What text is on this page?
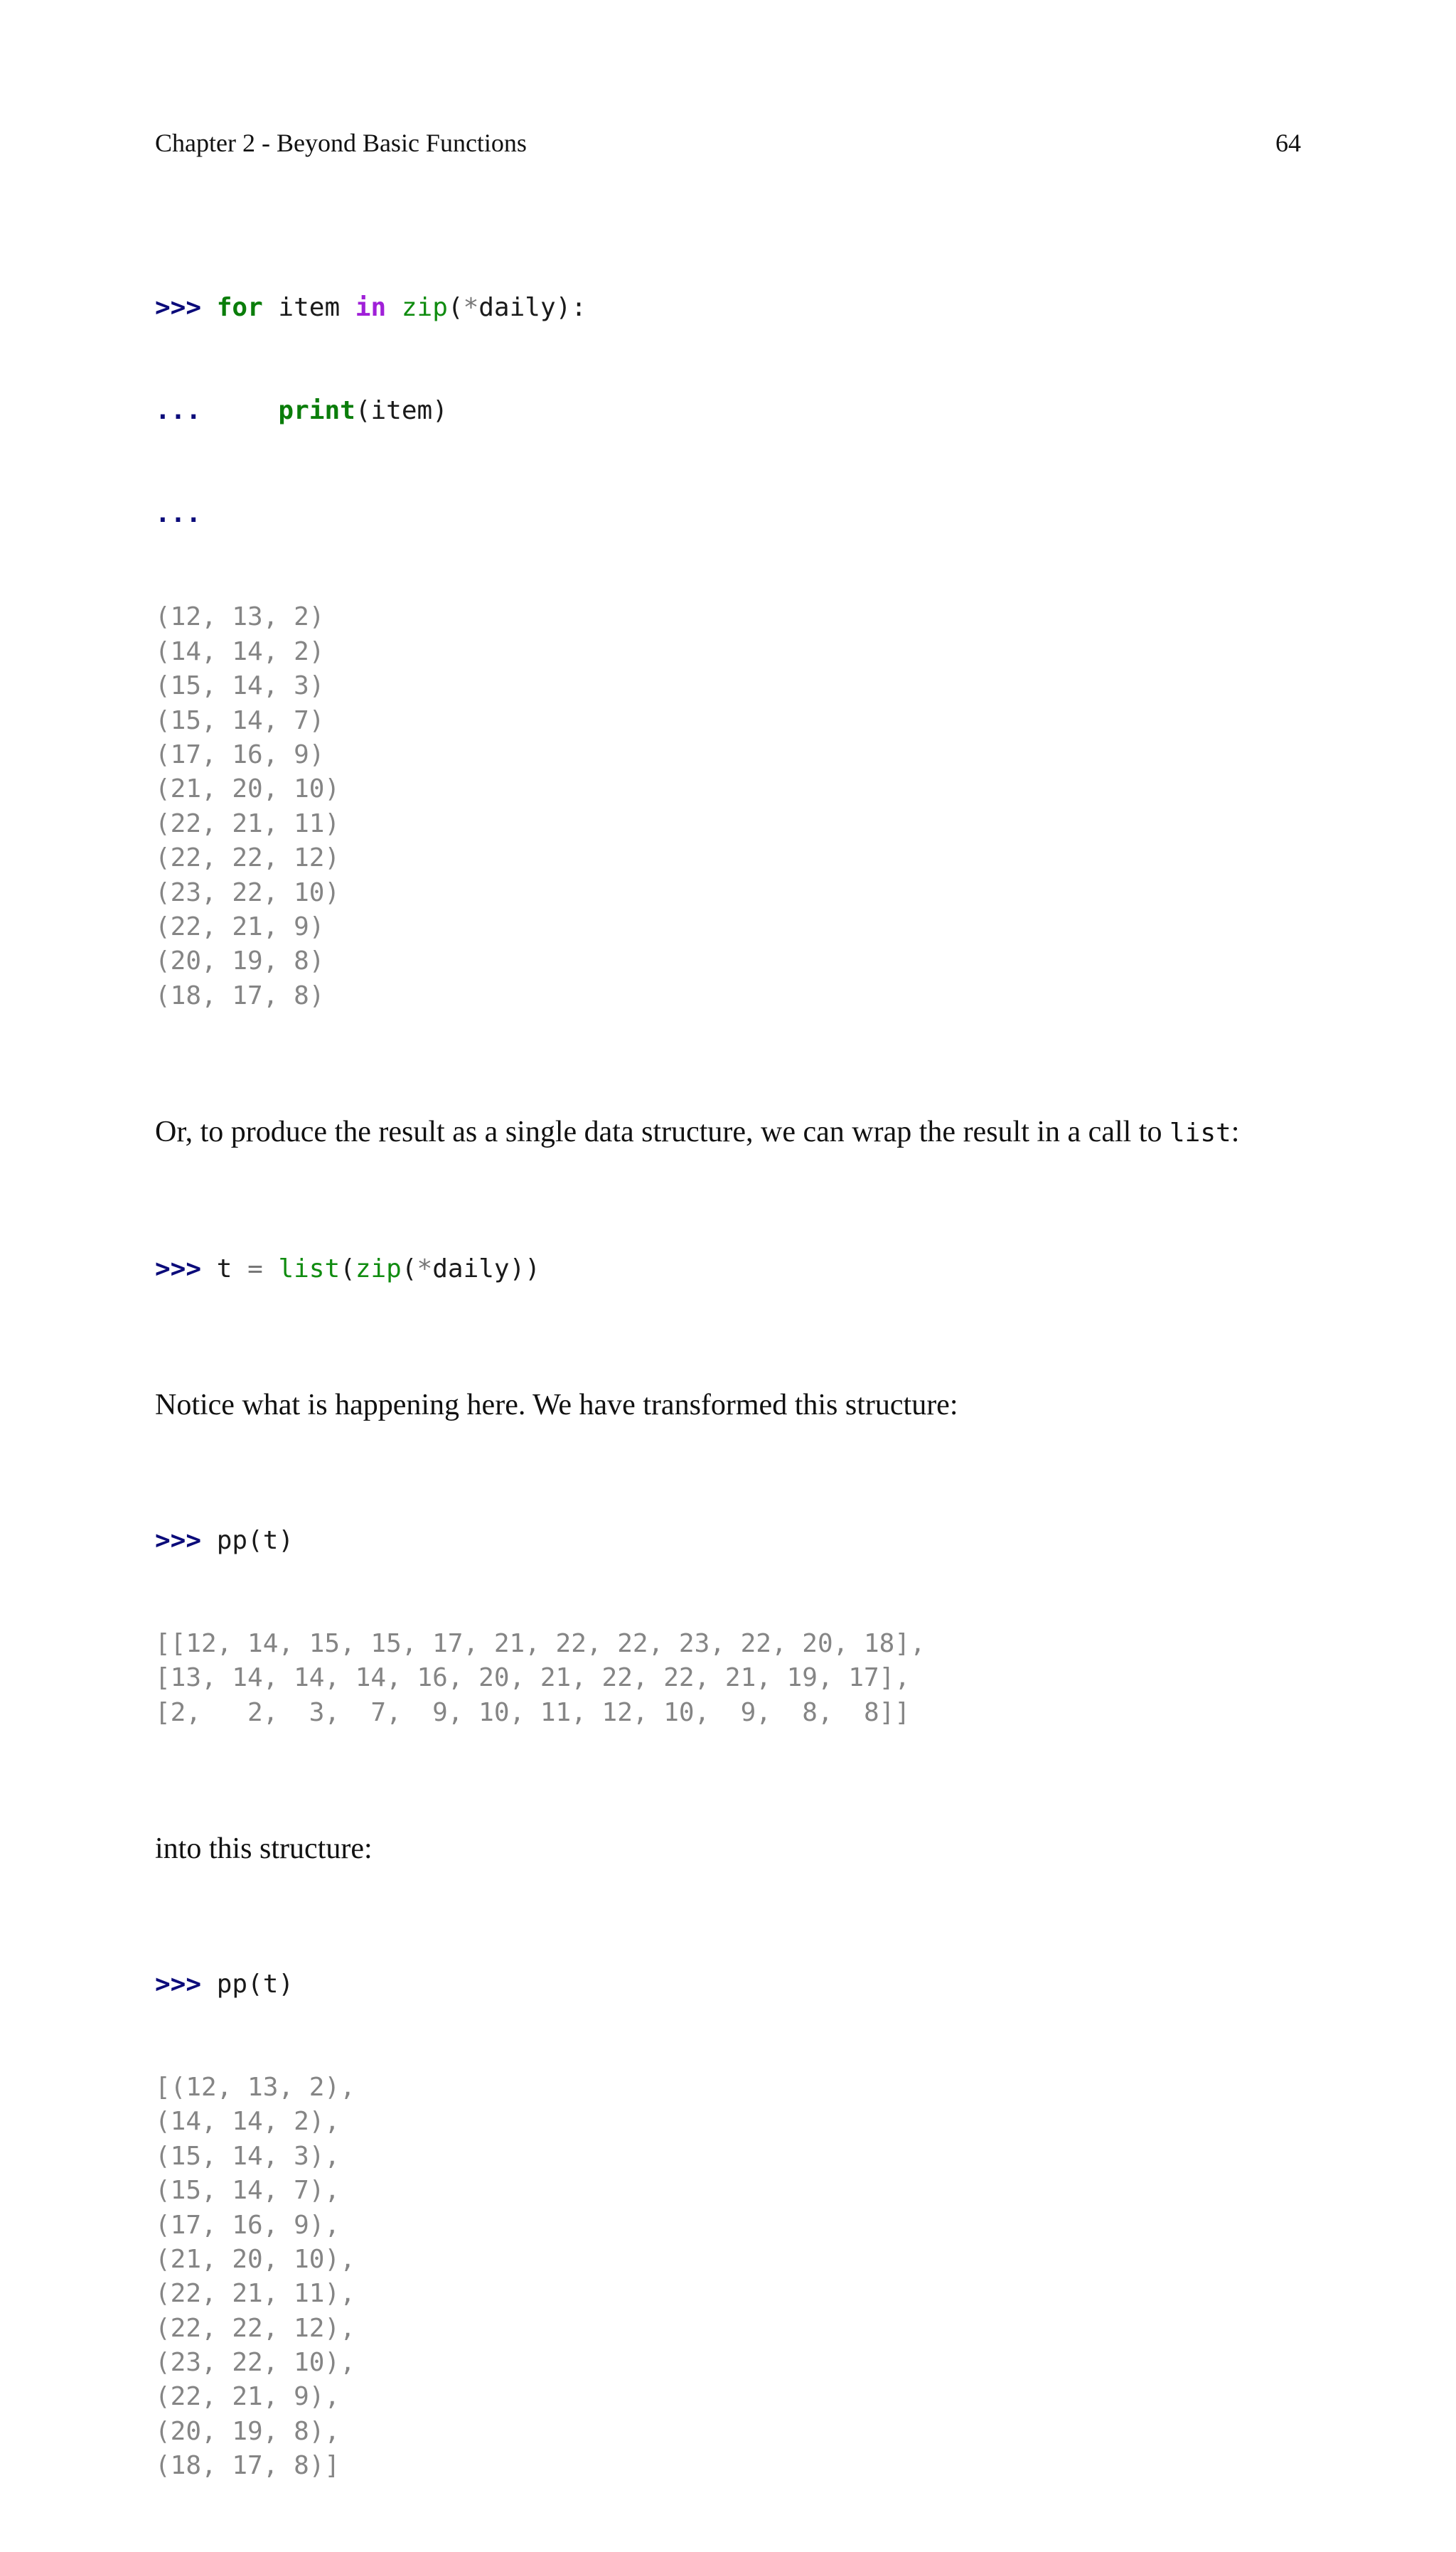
Chapter 2 - Beyond Basic Functions	64

>>> for item in zip(*daily):

...	print(item)

...

(12, 13, 2)
(14, 14, 2)
(15, 14, 3)
(15, 14, 7)
(17, 16, 9)
(21, 20, 10)
(22, 21, 11)
(22, 22, 12)
(23, 22, 10)
(22, 21, 9)
(20, 19, 8)
(18, 17, 8)

Or, to produce the result as a single data structure, we can wrap the result in a call to list:

>>> t = list(zip(*daily))

Notice what is happening here. We have transformed this structure:

>>> pp(t)

[[12, 14, 15, 15, 17, 21, 22, 22, 23, 22, 20, 18],
[13, 14, 14, 14, 16, 20, 21, 22, 22, 21, 19, 17],
[2,   2,  3,  7,  9, 10, 11, 12, 10,  9,  8,  8]]

into this structure:

>>> pp(t)

[(12, 13, 2),
(14, 14, 2),
(15, 14, 3),
(15, 14, 7),
(17, 16, 9),
(21, 20, 10),
(22, 21, 11),
(22, 22, 12),
(23, 22, 10),
(22, 21, 9),
(20, 19, 8),
(18, 17, 8)]
